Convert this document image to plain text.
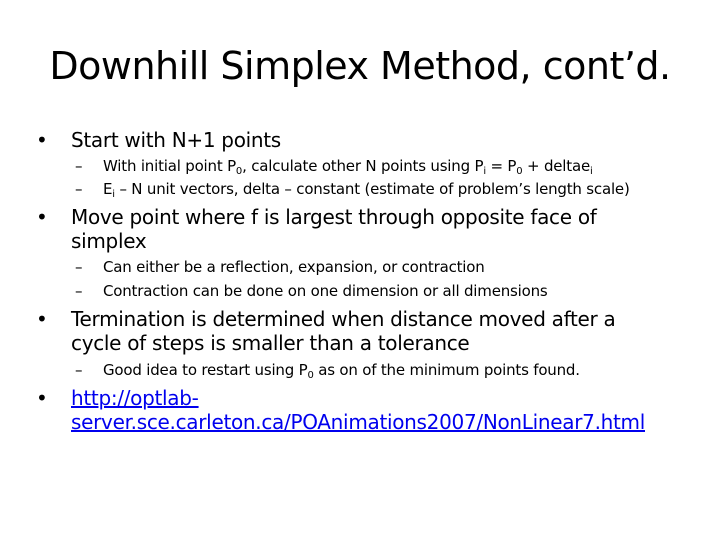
Downhill Simplex Method, cont’d.
• Start with N+1 points
– With initial point $P_0$, calculate other N points using $P_i = P_0$ + deltae$_i$
– $E_i$ – N unit vectors, delta – constant (estimate of problem’s length scale)
• Move point where f is largest through opposite face of
simplex
– Can either be a reflection, expansion, or contraction
– Contraction can be done on one dimension or all dimensions
• Termination is determined when distance moved after a
cycle of steps is smaller than a tolerance
– Good idea to restart using $P_0$ as on of the minimum points found.
• http://optlab-
server.sce.carleton.ca/POAnimations2007/NonLinear7.html
